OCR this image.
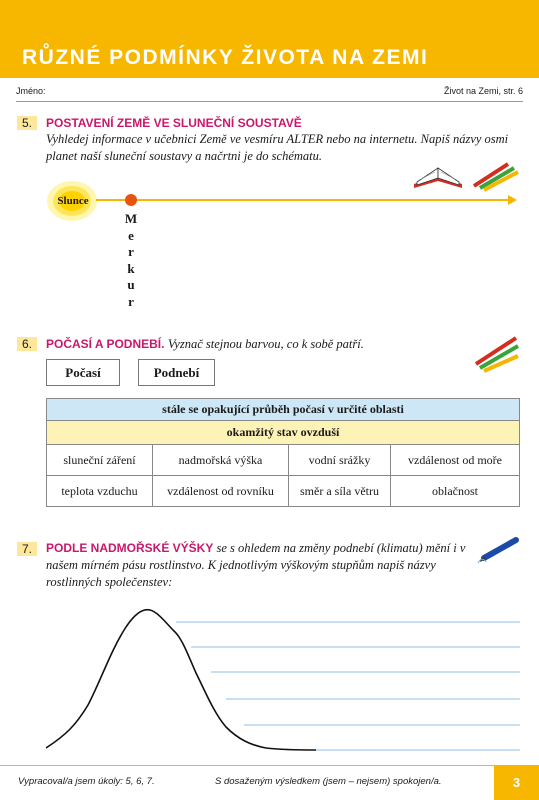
RŮZNÉ PODMÍNKY ŽIVOTA NA ZEMI
Jméno:	Život na Zemi, str. 6
5.	POSTAVENÍ ZEMĚ VE SLUNEČNÍ SOUSTAVĚ
Vyhledej informace v učebnici Země ve vesmíru ALTER nebo na internetu. Napiš názvy osmi planet naší sluneční soustavy a načrtni je do schématu.
Slunce
M
e
r
k
u
r
6.	POČASÍ A PODNEBÍ. Vyznač stejnou barvou, co k sobě patří.
Počasí	Podnebí
stále se opakující průběh počasí v určité oblasti
okamžitý stav ovzduší
sluneční záření	nadmořská výška	vodní srážky	vzdálenost od moře
teplota vzduchu	vzdálenost od rovníku	směr a síla větru	oblačnost
7.	PODLE NADMOŘSKÉ VÝŠKY se s ohledem na změny podnebí (klimatu) mění i v našem mírném pásu rostlinstvo. K jednotlivým výškovým stupňům napiš názvy rostlinných společenstev:
Vypracoval/a jsem úkoly: 5, 6, 7.	S dosaženým výsledkem (jsem – nejsem) spokojen/a.	3
